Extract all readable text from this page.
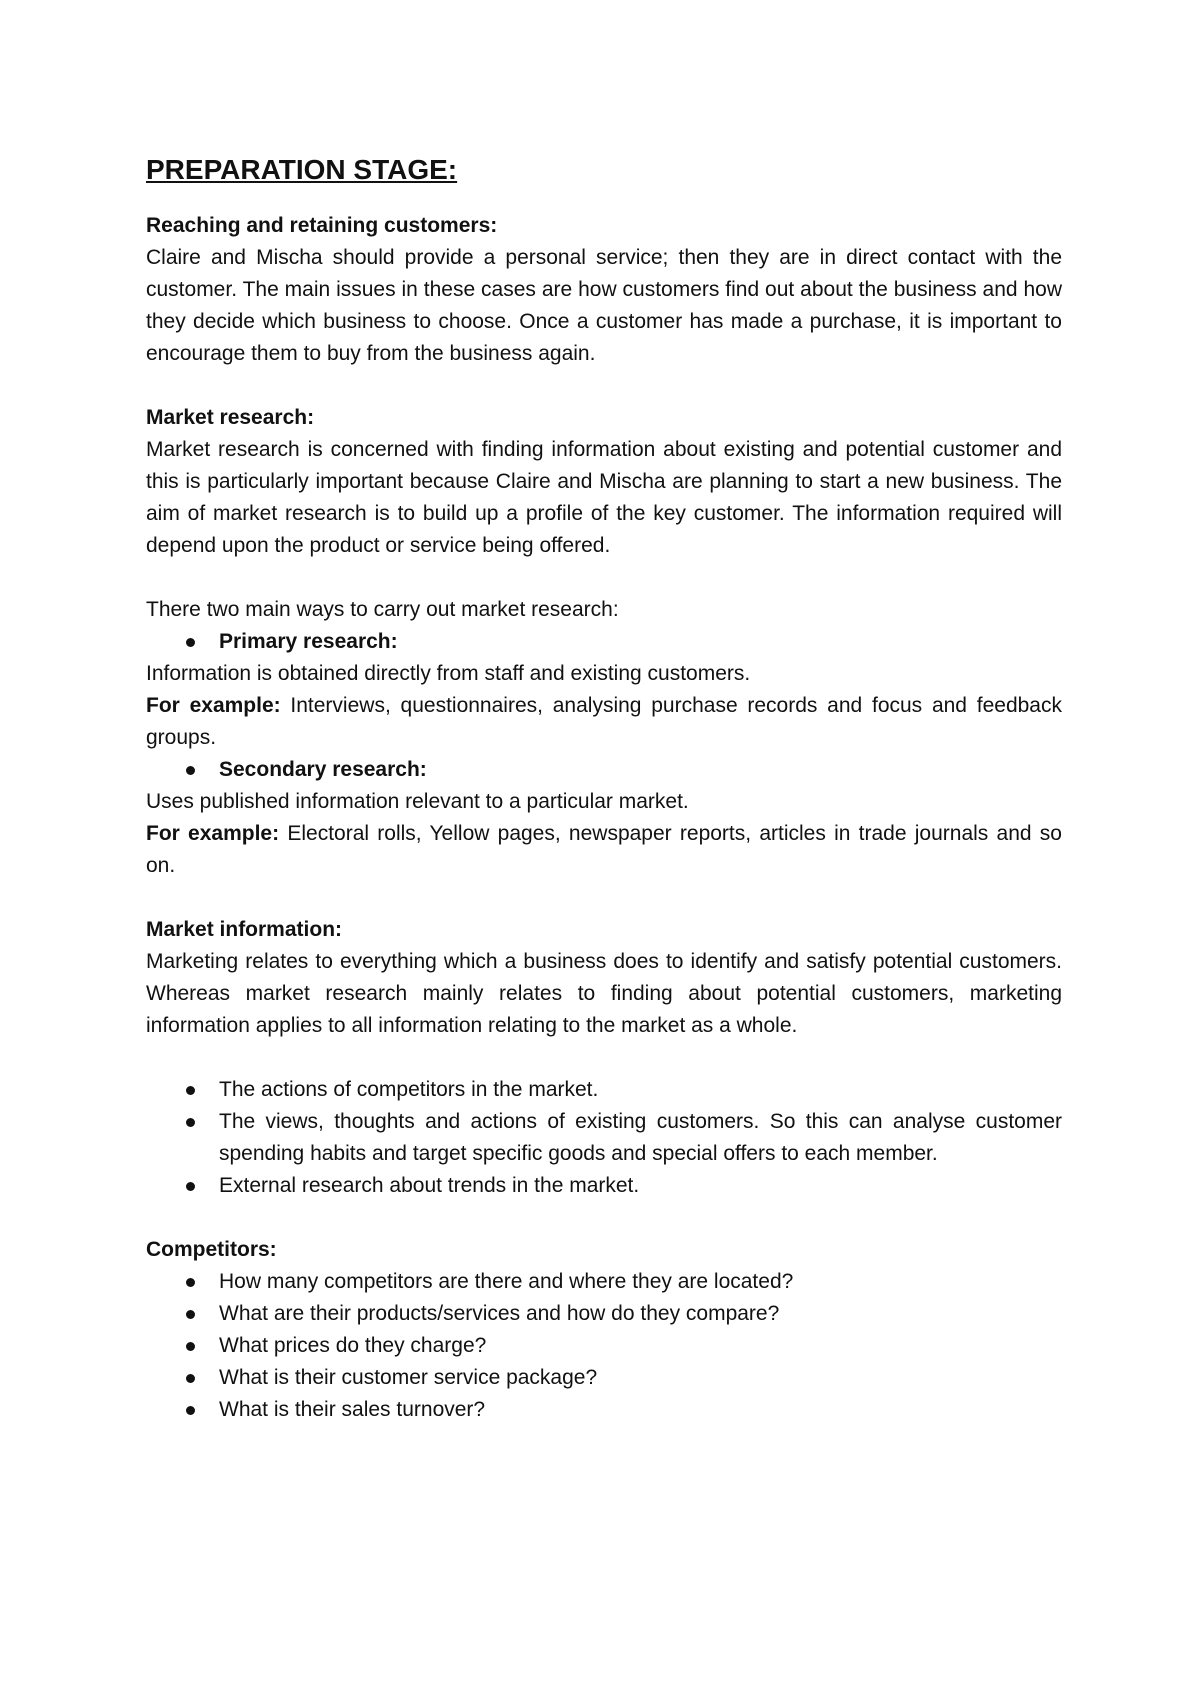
PREPARATION STAGE:
Reaching and retaining customers:

Claire and Mischa should provide a personal service; then they are in direct contact with the customer. The main issues in these cases are how customers find out about the business and how they decide which business to choose. Once a customer has made a purchase, it is important to encourage them to buy from the business again.

Market research:

Market research is concerned with finding information about existing and potential customer and this is particularly important because Claire and Mischa are planning to start a new business. The aim of market research is to build up a profile of the key customer. The information required will depend upon the product or service being offered.

There two main ways to carry out market research:

Primary research:

Information is obtained directly from staff and existing customers.

For example: Interviews, questionnaires, analysing purchase records and focus and feedback groups.

Secondary research:

Uses published information relevant to a particular market.

For example: Electoral rolls, Yellow pages, newspaper reports, articles in trade journals and so on.

Market information:

Marketing relates to everything which a business does to identify and satisfy potential customers. Whereas market research mainly relates to finding about potential customers, marketing information applies to all information relating to the market as a whole.

The actions of competitors in the market.
The views, thoughts and actions of existing customers. So this can analyse customer spending habits and target specific goods and special offers to each member.
External research about trends in the market.
Competitors:
How many competitors are there and where they are located?
What are their products/services and how do they compare?
What prices do they charge?
What is their customer service package?
What is their sales turnover?
